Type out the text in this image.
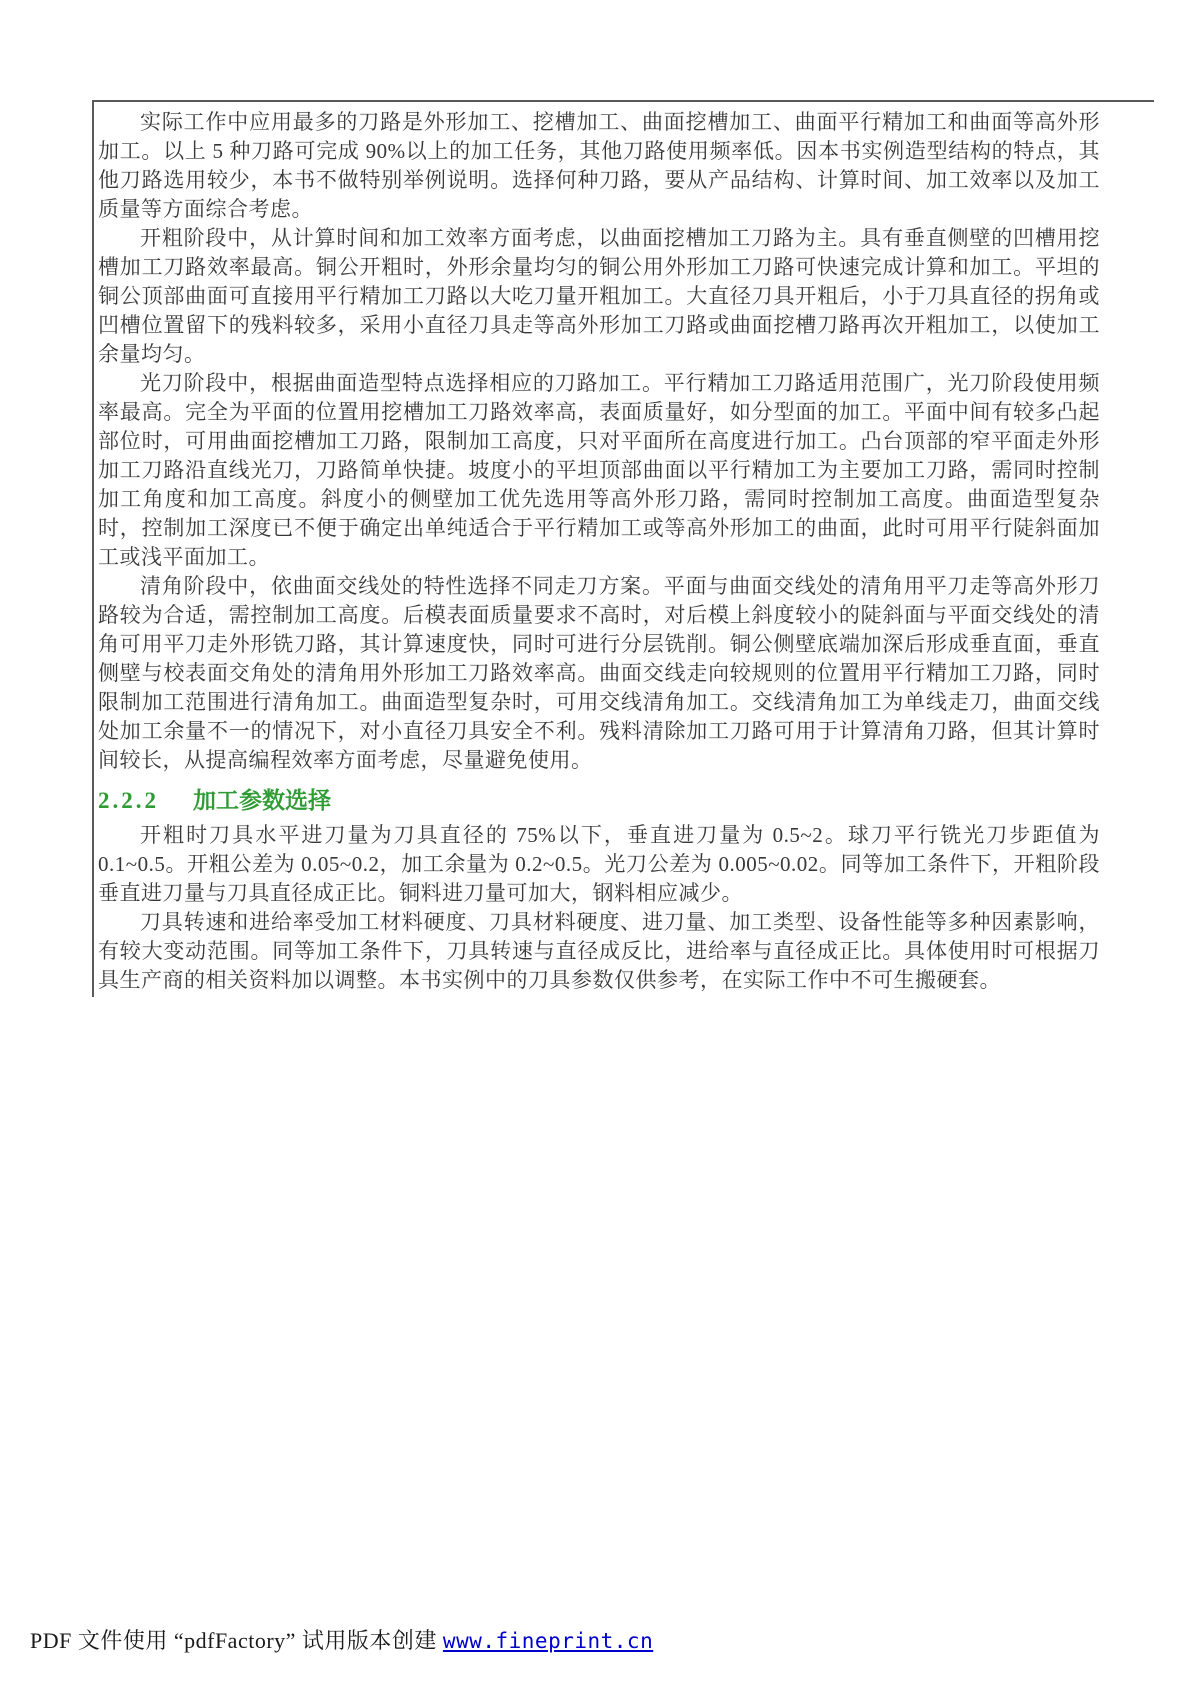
实际工作中应用最多的刀路是外形加工、挖槽加工、曲面挖槽加工、曲面平行精加工和曲面等高外形加工。以上 5 种刀路可完成 90%以上的加工任务，其他刀路使用频率低。因本书实例造型结构的特点，其他刀路选用较少，本书不做特别举例说明。选择何种刀路，要从产品结构、计算时间、加工效率以及加工质量等方面综合考虑。

开粗阶段中，从计算时间和加工效率方面考虑，以曲面挖槽加工刀路为主。具有垂直侧壁的凹槽用挖槽加工刀路效率最高。铜公开粗时，外形余量均匀的铜公用外形加工刀路可快速完成计算和加工。平坦的铜公顶部曲面可直接用平行精加工刀路以大吃刀量开粗加工。大直径刀具开粗后，小于刀具直径的拐角或凹槽位置留下的残料较多，采用小直径刀具走等高外形加工刀路或曲面挖槽刀路再次开粗加工，以使加工余量均匀。

光刀阶段中，根据曲面造型特点选择相应的刀路加工。平行精加工刀路适用范围广，光刀阶段使用频率最高。完全为平面的位置用挖槽加工刀路效率高，表面质量好，如分型面的加工。平面中间有较多凸起部位时，可用曲面挖槽加工刀路，限制加工高度，只对平面所在高度进行加工。凸台顶部的窄平面走外形加工刀路沿直线光刀，刀路简单快捷。坡度小的平坦顶部曲面以平行精加工为主要加工刀路，需同时控制加工角度和加工高度。斜度小的侧壁加工优先选用等高外形刀路，需同时控制加工高度。曲面造型复杂时，控制加工深度已不便于确定出单纯适合于平行精加工或等高外形加工的曲面，此时可用平行陡斜面加工或浅平面加工。

清角阶段中，依曲面交线处的特性选择不同走刀方案。平面与曲面交线处的清角用平刀走等高外形刀路较为合适，需控制加工高度。后模表面质量要求不高时，对后模上斜度较小的陡斜面与平面交线处的清角可用平刀走外形铣刀路，其计算速度快，同时可进行分层铣削。铜公侧壁底端加深后形成垂直面，垂直侧壁与校表面交角处的清角用外形加工刀路效率高。曲面交线走向较规则的位置用平行精加工刀路，同时限制加工范围进行清角加工。曲面造型复杂时，可用交线清角加工。交线清角加工为单线走刀，曲面交线处加工余量不一的情况下，对小直径刀具安全不利。残料清除加工刀路可用于计算清角刀路，但其计算时间较长，从提高编程效率方面考虑，尽量避免使用。

2.2.2 加工参数选择

开粗时刀具水平进刀量为刀具直径的 75%以下，垂直进刀量为 0.5~2。球刀平行铣光刀步距值为 0.1~0.5。开粗公差为 0.05~0.2，加工余量为 0.2~0.5。光刀公差为 0.005~0.02。同等加工条件下，开粗阶段垂直进刀量与刀具直径成正比。铜料进刀量可加大，钢料相应减少。

刀具转速和进给率受加工材料硬度、刀具材料硬度、进刀量、加工类型、设备性能等多种因素影响，有较大变动范围。同等加工条件下，刀具转速与直径成反比，进给率与直径成正比。具体使用时可根据刀具生产商的相关资料加以调整。本书实例中的刀具参数仅供参考，在实际工作中不可生搬硬套。

PDF 文件使用 “pdfFactory” 试用版本创建 www.fineprint.cn
